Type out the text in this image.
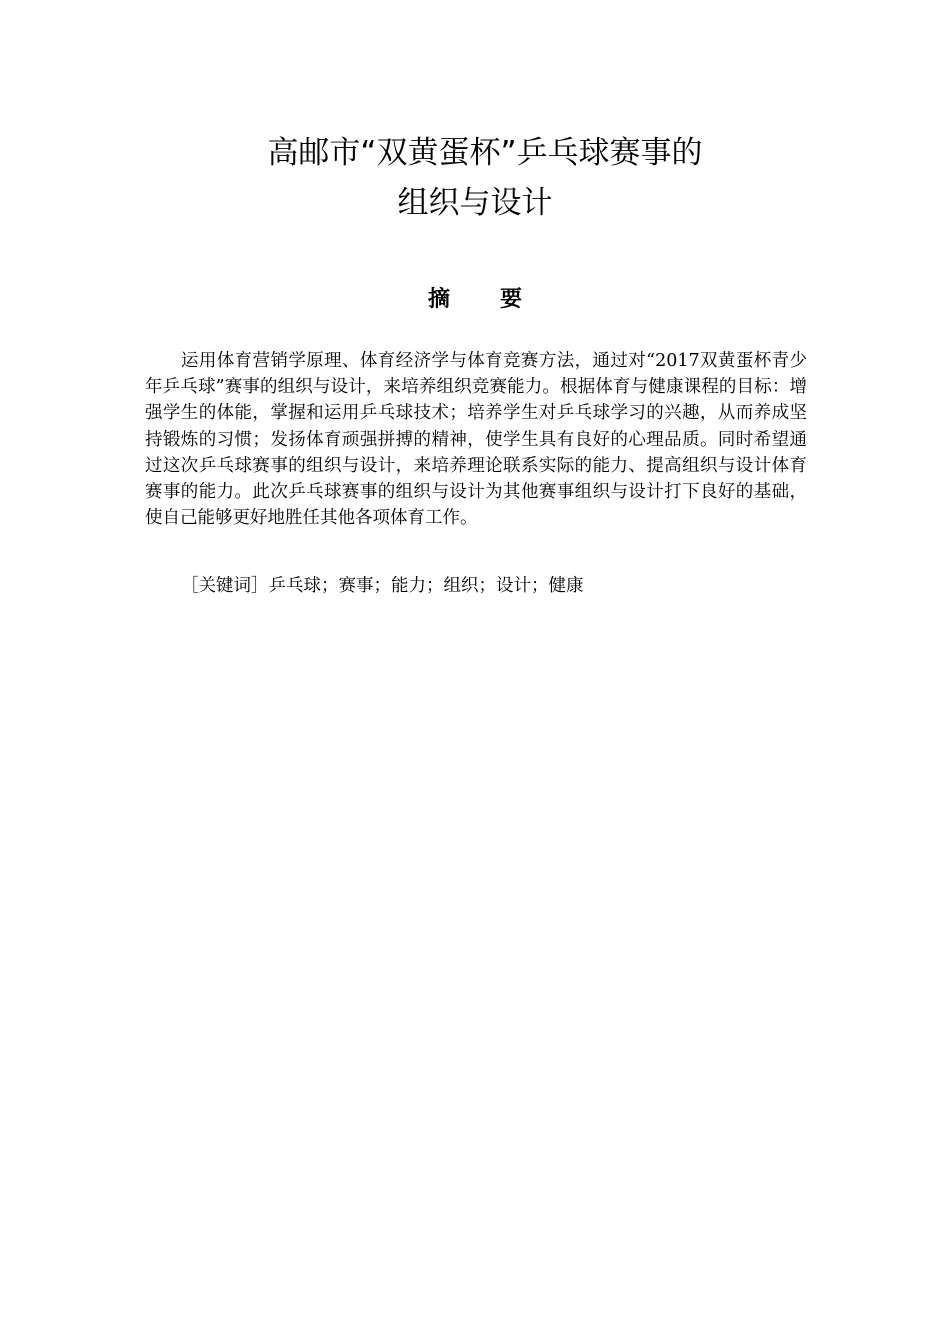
高邮市“双黄蛋杯”乒乓球赛事的
组织与设计
摘要

运用体育营销学原理、体育经济学与体育竞赛方法，通过对“2017双黄蛋杯青少年乒乓球”赛事的组织与设计，来培养组织竞赛能力。根据体育与健康课程的目标：增强学生的体能，掌握和运用乒乓球技术；培养学生对乒乓球学习的兴趣，从而养成坚持锻炼的习惯；发扬体育顽强拼搏的精神，使学生具有良好的心理品质。同时希望通过这次乒乓球赛事的组织与设计，来培养理论联系实际的能力、提高组织与设计体育赛事的能力。此次乒乓球赛事的组织与设计为其他赛事组织与设计打下良好的基础，使自己能够更好地胜任其他各项体育工作。

［关键词］乒乓球；赛事；能力；组织；设计；健康
